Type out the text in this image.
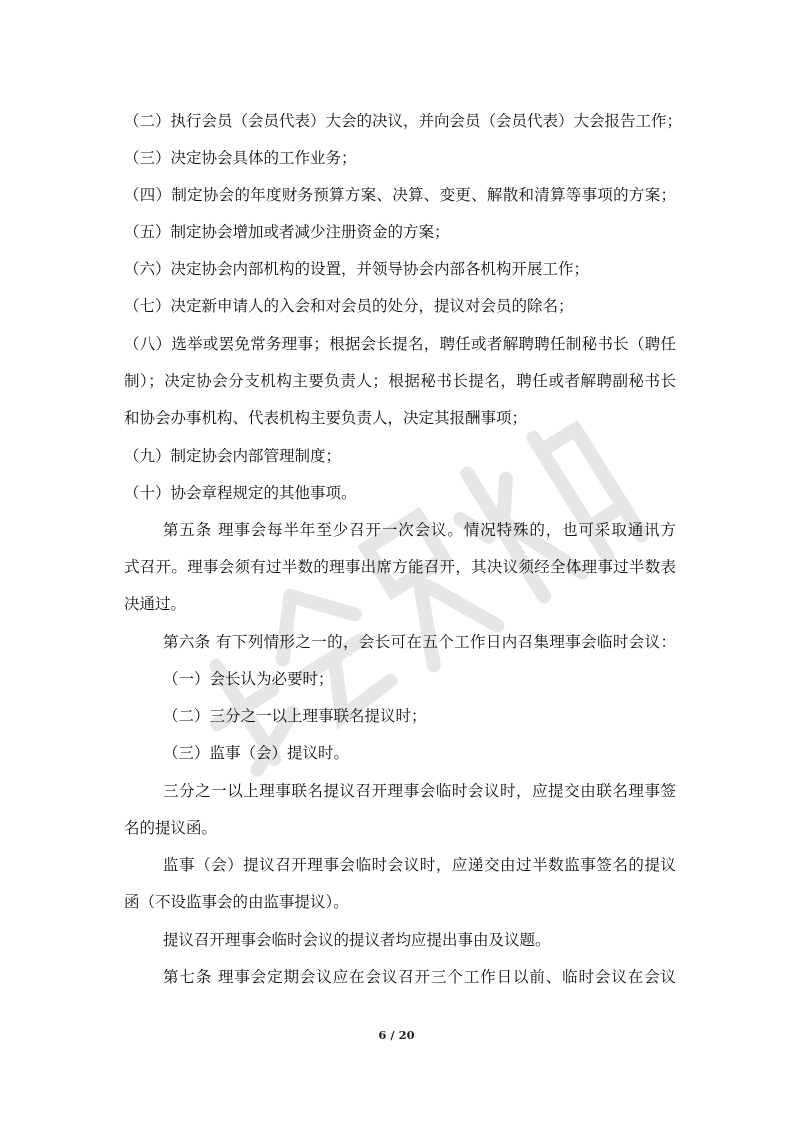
（二）执行会员（会员代表）大会的决议，并向会员（会员代表）大会报告工作；
（三）决定协会具体的工作业务；
（四）制定协会的年度财务预算方案、决算、变更、解散和清算等事项的方案；
（五）制定协会增加或者减少注册资金的方案；
（六）决定协会内部机构的设置，并领导协会内部各机构开展工作；
（七）决定新申请人的入会和对会员的处分，提议对会员的除名；
（八）选举或罢免常务理事；根据会长提名，聘任或者解聘聘任制秘书长（聘任
制）；决定协会分支机构主要负责人；根据秘书长提名，聘任或者解聘副秘书长
和协会办事机构、代表机构主要负责人，决定其报酬事项；
（九）制定协会内部管理制度；
（十）协会章程规定的其他事项。
第五条 理事会每半年至少召开一次会议。情况特殊的，也可采取通讯方
式召开。理事会须有过半数的理事出席方能召开，其决议须经全体理事过半数表
决通过。
第六条 有下列情形之一的，会长可在五个工作日内召集理事会临时会议：
（一）会长认为必要时；
（二）三分之一以上理事联名提议时；
（三）监事（会）提议时。
三分之一以上理事联名提议召开理事会临时会议时，应提交由联名理事签
名的提议函。
监事（会）提议召开理事会临时会议时，应递交由过半数监事签名的提议
函（不设监事会的由监事提议）。
提议召开理事会临时会议的提议者均应提出事由及议题。
第七条 理事会定期会议应在会议召开三个工作日以前、临时会议在会议
6 / 20
